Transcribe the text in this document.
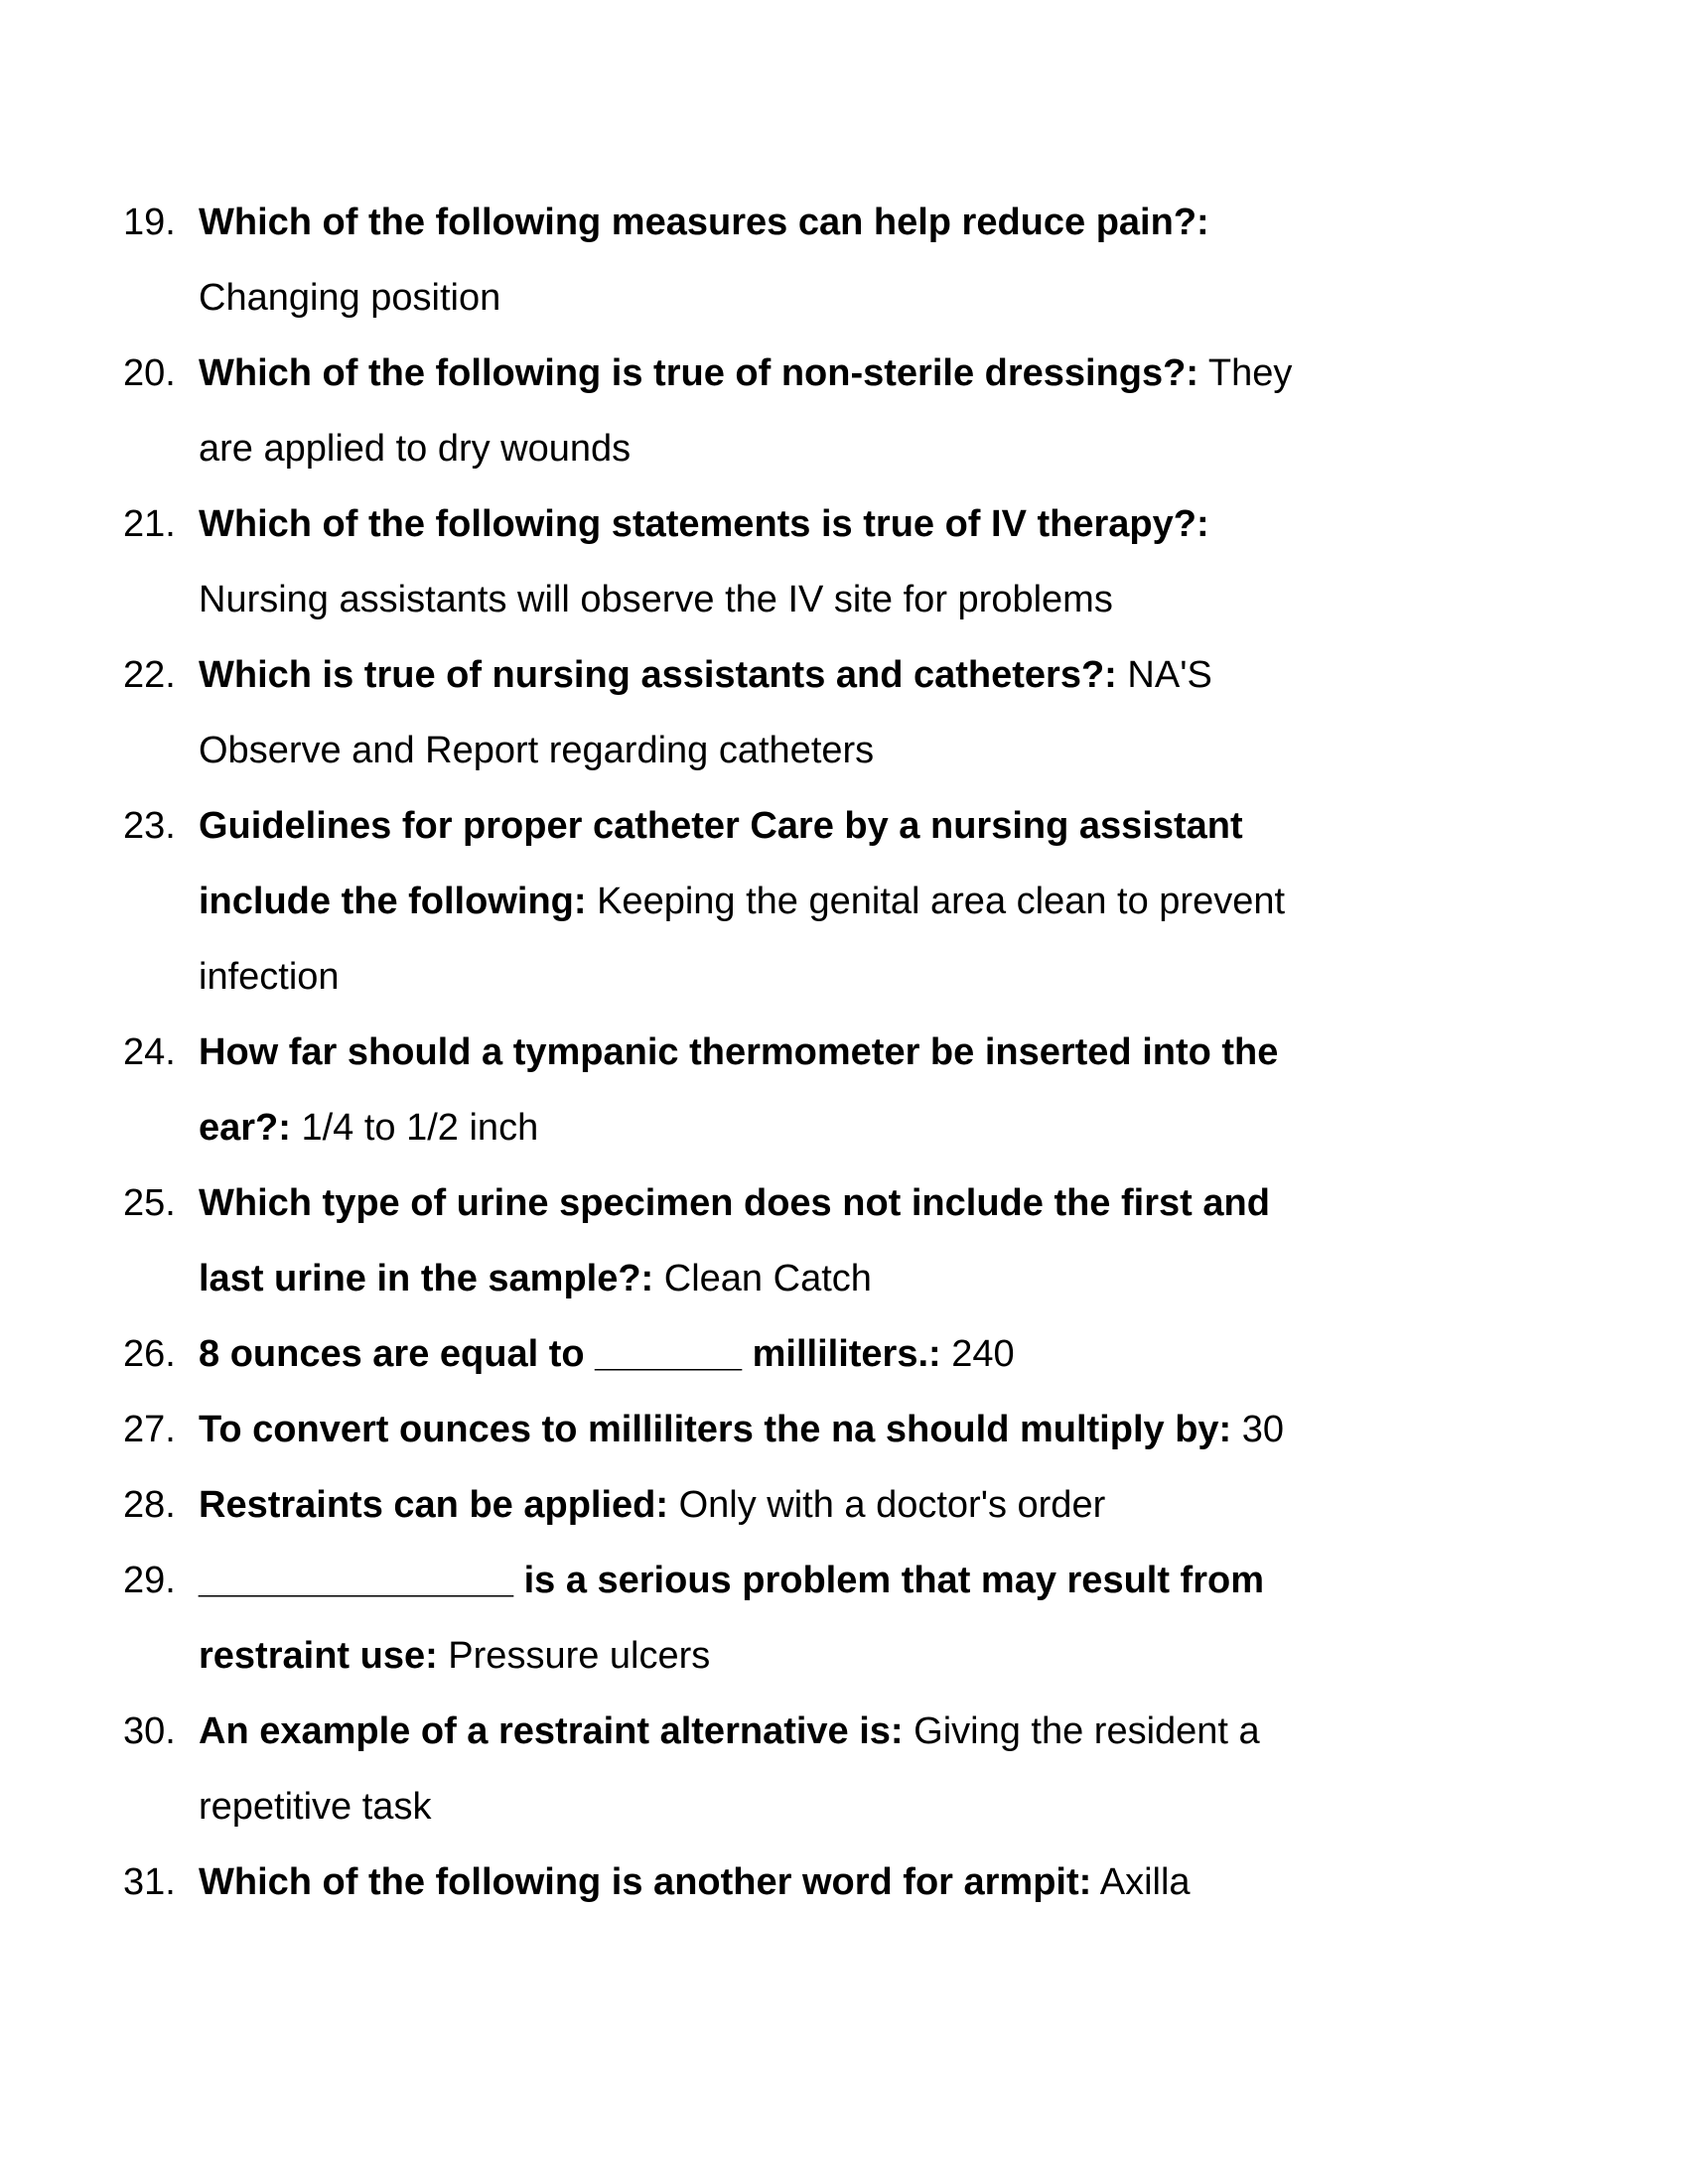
19. Which of the following measures can help reduce pain?:
Changing position
20. Which of the following is true of non-sterile dressings?: They
are applied to dry wounds
21. Which of the following statements is true of IV therapy?:
Nursing assistants will observe the IV site for problems
22. Which is true of nursing assistants and catheters?: NA'S
Observe and Report regarding catheters
23. Guidelines for proper catheter Care by a nursing assistant
include the following: Keeping the genital area clean to prevent
infection
24. How far should a tympanic thermometer be inserted into the
ear?: 1/4 to 1/2 inch
25. Which type of urine specimen does not include the first and
last urine in the sample?: Clean Catch
26. 8 ounces are equal to _______ milliliters.: 240
27. To convert ounces to milliliters the na should multiply by: 30
28. Restraints can be applied: Only with a doctor's order
29. _______________ is a serious problem that may result from
restraint use: Pressure ulcers
30. An example of a restraint alternative is: Giving the resident a
repetitive task
31. Which of the following is another word for armpit: Axilla
